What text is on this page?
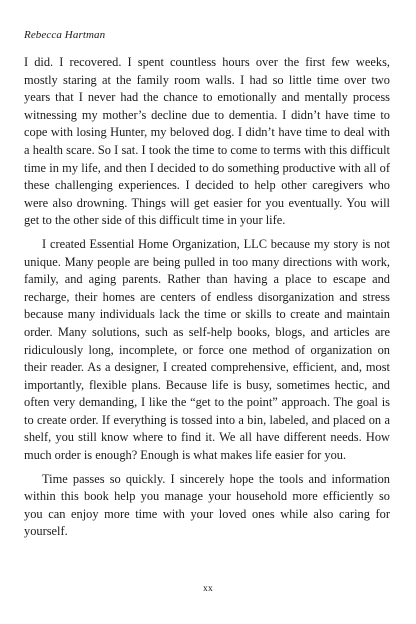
Rebecca Hartman

I did. I recovered. I spent countless hours over the first few weeks, mostly staring at the family room walls. I had so little time over two years that I never had the chance to emotionally and mentally process witnessing my mother’s decline due to dementia. I didn’t have time to cope with losing Hunter, my beloved dog. I didn’t have time to deal with a health scare. So I sat. I took the time to come to terms with this difficult time in my life, and then I decided to do something productive with all of these challenging experiences. I decided to help other caregivers who were also drowning. Things will get easier for you eventually. You will get to the other side of this difficult time in your life.

I created Essential Home Organization, LLC because my story is not unique. Many people are being pulled in too many directions with work, family, and aging parents. Rather than having a place to escape and recharge, their homes are centers of endless disorganization and stress because many individuals lack the time or skills to create and maintain order. Many solutions, such as self-help books, blogs, and articles are ridiculously long, incomplete, or force one method of organization on their reader. As a designer, I created comprehensive, efficient, and, most importantly, flexible plans. Because life is busy, sometimes hectic, and often very demanding, I like the “get to the point” approach. The goal is to create order. If everything is tossed into a bin, labeled, and placed on a shelf, you still know where to find it. We all have different needs. How much order is enough? Enough is what makes life easier for you.

Time passes so quickly. I sincerely hope the tools and information within this book help you manage your household more efficiently so you can enjoy more time with your loved ones while also caring for yourself.

xx
